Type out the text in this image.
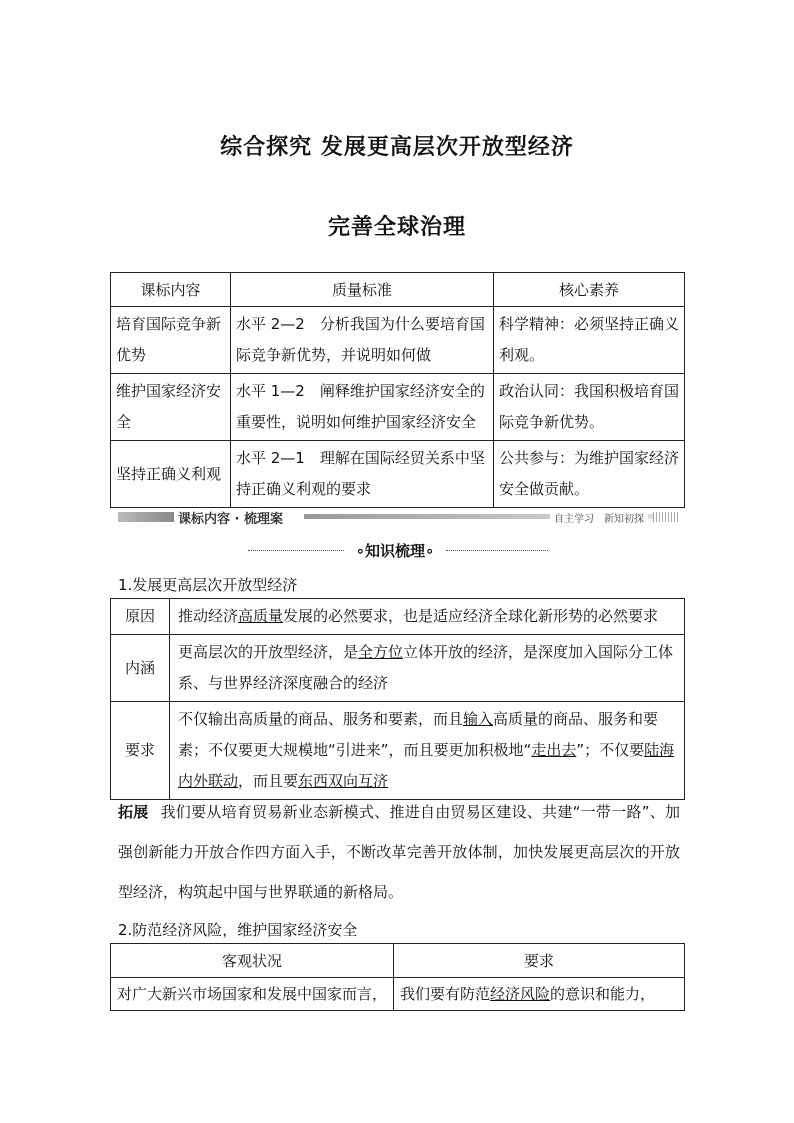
综合探究 发展更高层次开放型经济
完善全球治理
课标内容	质量标准	核心素养
培育国际竞争新优势	水平 2—2　分析我国为什么要培育国际竞争新优势，并说明如何做	科学精神：必须坚持正确义利观。
维护国家经济安全	水平 1—2　阐释维护国家经济安全的重要性，说明如何维护国家经济安全	政治认同：我国积极培育国际竞争新优势。
坚持正确义利观	水平 2—1　理解在国际经贸关系中坚持正确义利观的要求	公共参与：为维护国家经济安全做贡献。
课标内容 · 梳理案	自主学习　新知初探
∘知识梳理∘
1.发展更高层次开放型经济
原因	推动经济高质量发展的必然要求，也是适应经济全球化新形势的必然要求
内涵	更高层次的开放型经济，是全方位立体开放的经济，是深度加入国际分工体系、与世界经济深度融合的经济
要求	不仅输出高质量的商品、服务和要素，而且输入高质量的商品、服务和要素；不仅要更大规模地“引进来”，而且要更加积极地“走出去”；不仅要陆海内外联动，而且要东西双向互济
拓展 我们要从培育贸易新业态新模式、推进自由贸易区建设、共建“一带一路”、加强创新能力开放合作四方面入手，不断改革完善开放体制，加快发展更高层次的开放型经济，构筑起中国与世界联通的新格局。
2.防范经济风险，维护国家经济安全
客观状况	要求
对广大新兴市场国家和发展中国家而言，	我们要有防范经济风险的意识和能力，
